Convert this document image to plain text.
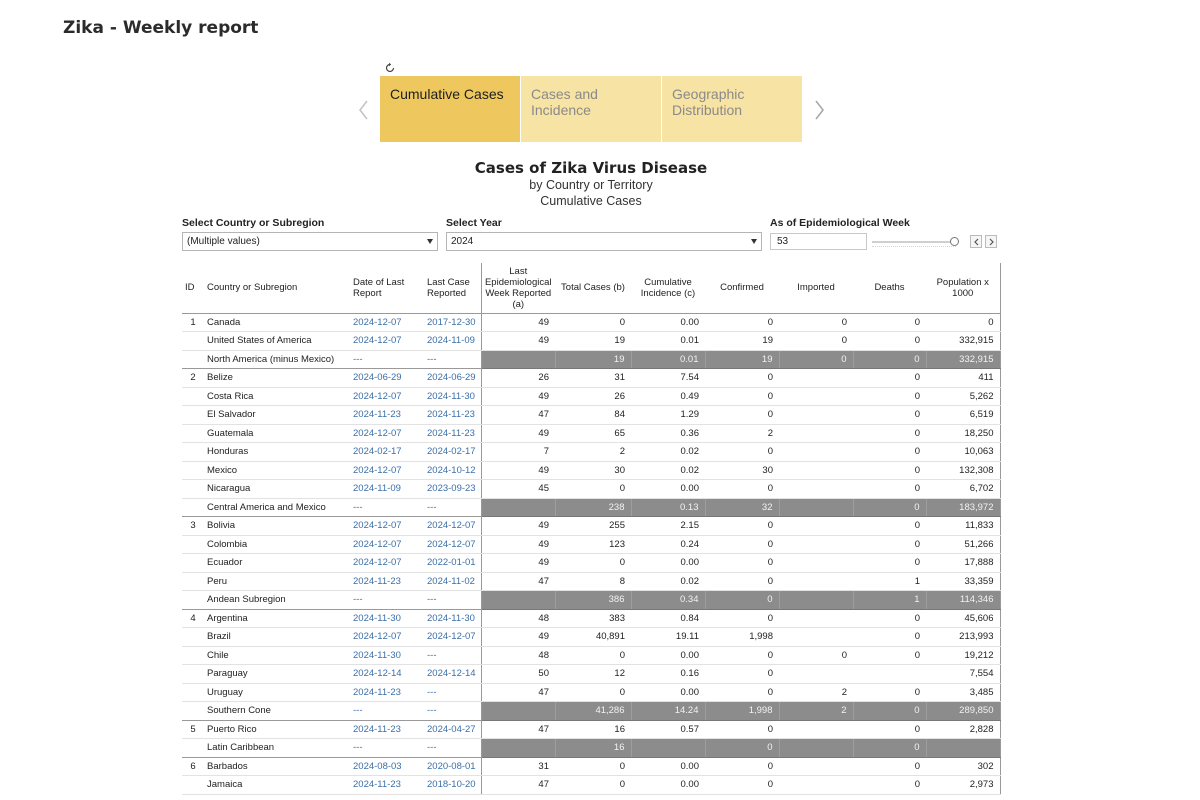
Zika - Weekly report
Cumulative Cases	Cases and Incidence
Geographic Distribution
Cases of Zika Virus Disease
by Country or Territory
Cumulative Cases
Select Country or Subregion
(Multiple values)
Select Year
2024
As of Epidemiological Week
53
ID	Country or Subregion	Date of Last Report	Last Case Reported	Last Epidemiological Week Reported (a)	Total Cases (b)	Cumulative Incidence (c)	Confirmed	Imported	Deaths	Population x 1000
1	Canada	2024-12-07	2017-12-30	49	0	0.00	0	0	0	0
	United States of America	2024-12-07	2024-11-09	49	19	0.01	19	0	0	332,915
	North America (minus Mexico)	---	---		19	0.01	19	0	0	332,915
2	Belize	2024-06-29	2024-06-29	26	31	7.54	0		0	411
	Costa Rica	2024-12-07	2024-11-30	49	26	0.49	0		0	5,262
	El Salvador	2024-11-23	2024-11-23	47	84	1.29	0		0	6,519
	Guatemala	2024-12-07	2024-11-23	49	65	0.36	2		0	18,250
	Honduras	2024-02-17	2024-02-17	7	2	0.02	0		0	10,063
	Mexico	2024-12-07	2024-10-12	49	30	0.02	30		0	132,308
	Nicaragua	2024-11-09	2023-09-23	45	0	0.00	0		0	6,702
	Central America and Mexico	---	---		238	0.13	32		0	183,972
3	Bolivia	2024-12-07	2024-12-07	49	255	2.15	0		0	11,833
	Colombia	2024-12-07	2024-12-07	49	123	0.24	0		0	51,266
	Ecuador	2024-12-07	2022-01-01	49	0	0.00	0		0	17,888
	Peru	2024-11-23	2024-11-02	47	8	0.02	0		1	33,359
	Andean Subregion	---	---		386	0.34	0		1	114,346
4	Argentina	2024-11-30	2024-11-30	48	383	0.84	0		0	45,606
	Brazil	2024-12-07	2024-12-07	49	40,891	19.11	1,998		0	213,993
	Chile	2024-11-30	---	48	0	0.00	0	0	0	19,212
	Paraguay	2024-12-14	2024-12-14	50	12	0.16	0			7,554
	Uruguay	2024-11-23	---	47	0	0.00	0	2	0	3,485
	Southern Cone	---	---		41,286	14.24	1,998	2	0	289,850
5	Puerto Rico	2024-11-23	2024-04-27	47	16	0.57	0		0	2,828
	Latin Caribbean	---	---		16		0		0	
6	Barbados	2024-08-03	2020-08-01	31	0	0.00	0		0	302
	Jamaica	2024-11-23	2018-10-20	47	0	0.00	0		0	2,973
